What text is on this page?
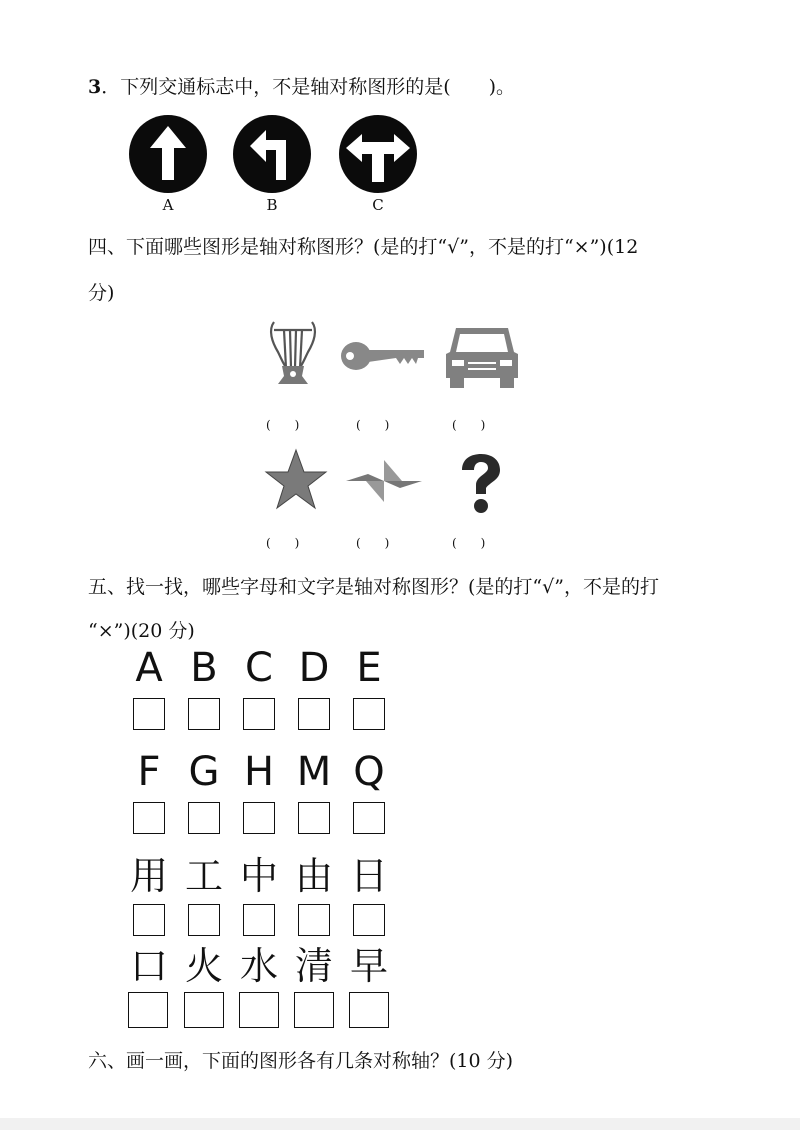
3．下列交通标志中，不是轴对称图形的是(　　)。
A	B	C
四、下面哪些图形是轴对称图形？(是的打“√”，不是的打“×”)(12
分)
(　　)	(　　)	(　　)
(　　)	(　　)	(　　)
五、找一找，哪些字母和文字是轴对称图形？(是的打“√”，不是的打
“×”)(20 分)
A B C D E
F G H M Q
用 工 中 由 日
口 火 水 清 早
六、画一画，下面的图形各有几条对称轴？(10 分)
